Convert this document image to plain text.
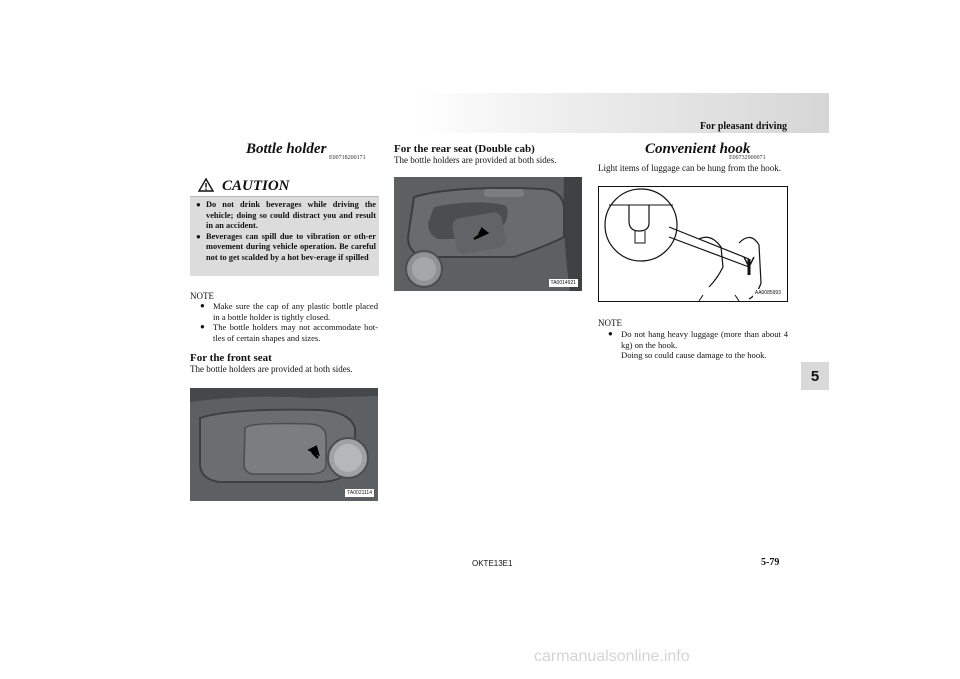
For pleasant driving
Bottle holder
E00718200171
CAUTION
● Do not drink beverages while driving the vehicle; doing so could distract you and result in an accident.
● Beverages can spill due to vibration or oth-er movement during vehicle operation. Be careful not to get scalded by a hot bev-erage if spilled
NOTE
● Make sure the cap of any plastic bottle placed in a bottle holder is tightly closed.
● The bottle holders may not accommodate bot-tles of certain shapes and sizes.
For the front seat
The bottle holders are provided at both sides.
TA0021114
For the rear seat (Double cab)
The bottle holders are provided at both sides.
TA0014921
Convenient hook
E00732900071
Light items of luggage can be hung from the hook.
AA0085993
NOTE
● Do not hang heavy luggage (more than about 4 kg) on the hook.
Doing so could cause damage to the hook.
5
OKTE13E1	5-79
carmanualsonline.info
